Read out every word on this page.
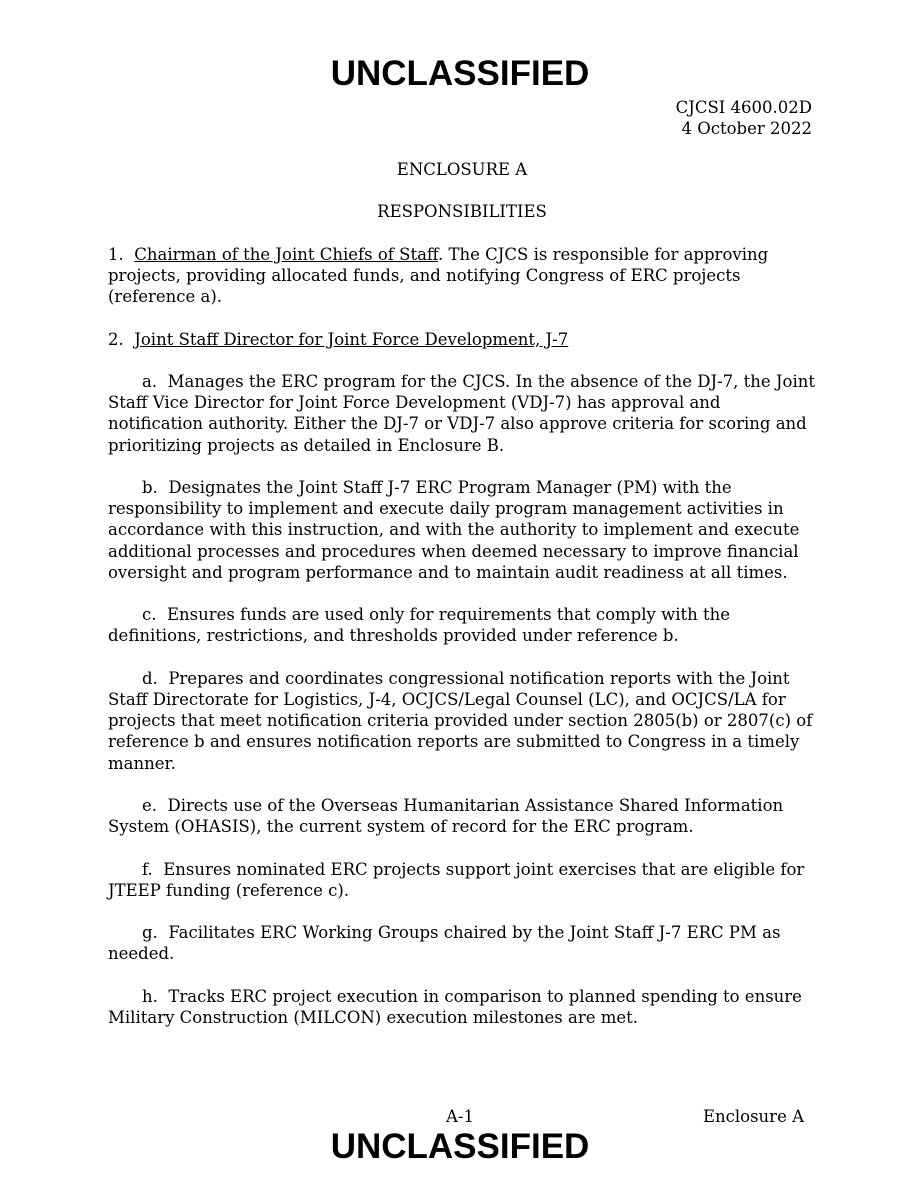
UNCLASSIFIED
CJCSI 4600.02D
4 October 2022

ENCLOSURE A

RESPONSIBILITIES

1. Chairman of the Joint Chiefs of Staff. The CJCS is responsible for approving projects, providing allocated funds, and notifying Congress of ERC projects (reference a).

2. Joint Staff Director for Joint Force Development, J-7

a. Manages the ERC program for the CJCS. In the absence of the DJ-7, the Joint Staff Vice Director for Joint Force Development (VDJ-7) has approval and notification authority. Either the DJ-7 or VDJ-7 also approve criteria for scoring and prioritizing projects as detailed in Enclosure B.

b. Designates the Joint Staff J-7 ERC Program Manager (PM) with the responsibility to implement and execute daily program management activities in accordance with this instruction, and with the authority to implement and execute additional processes and procedures when deemed necessary to improve financial oversight and program performance and to maintain audit readiness at all times.

c. Ensures funds are used only for requirements that comply with the definitions, restrictions, and thresholds provided under reference b.

d. Prepares and coordinates congressional notification reports with the Joint Staff Directorate for Logistics, J-4, OCJCS/Legal Counsel (LC), and OCJCS/LA for projects that meet notification criteria provided under section 2805(b) or 2807(c) of reference b and ensures notification reports are submitted to Congress in a timely manner.

e. Directs use of the Overseas Humanitarian Assistance Shared Information System (OHASIS), the current system of record for the ERC program.

f. Ensures nominated ERC projects support joint exercises that are eligible for JTEEP funding (reference c).

g. Facilitates ERC Working Groups chaired by the Joint Staff J-7 ERC PM as needed.

h. Tracks ERC project execution in comparison to planned spending to ensure Military Construction (MILCON) execution milestones are met.

A-1	Enclosure A
UNCLASSIFIED
